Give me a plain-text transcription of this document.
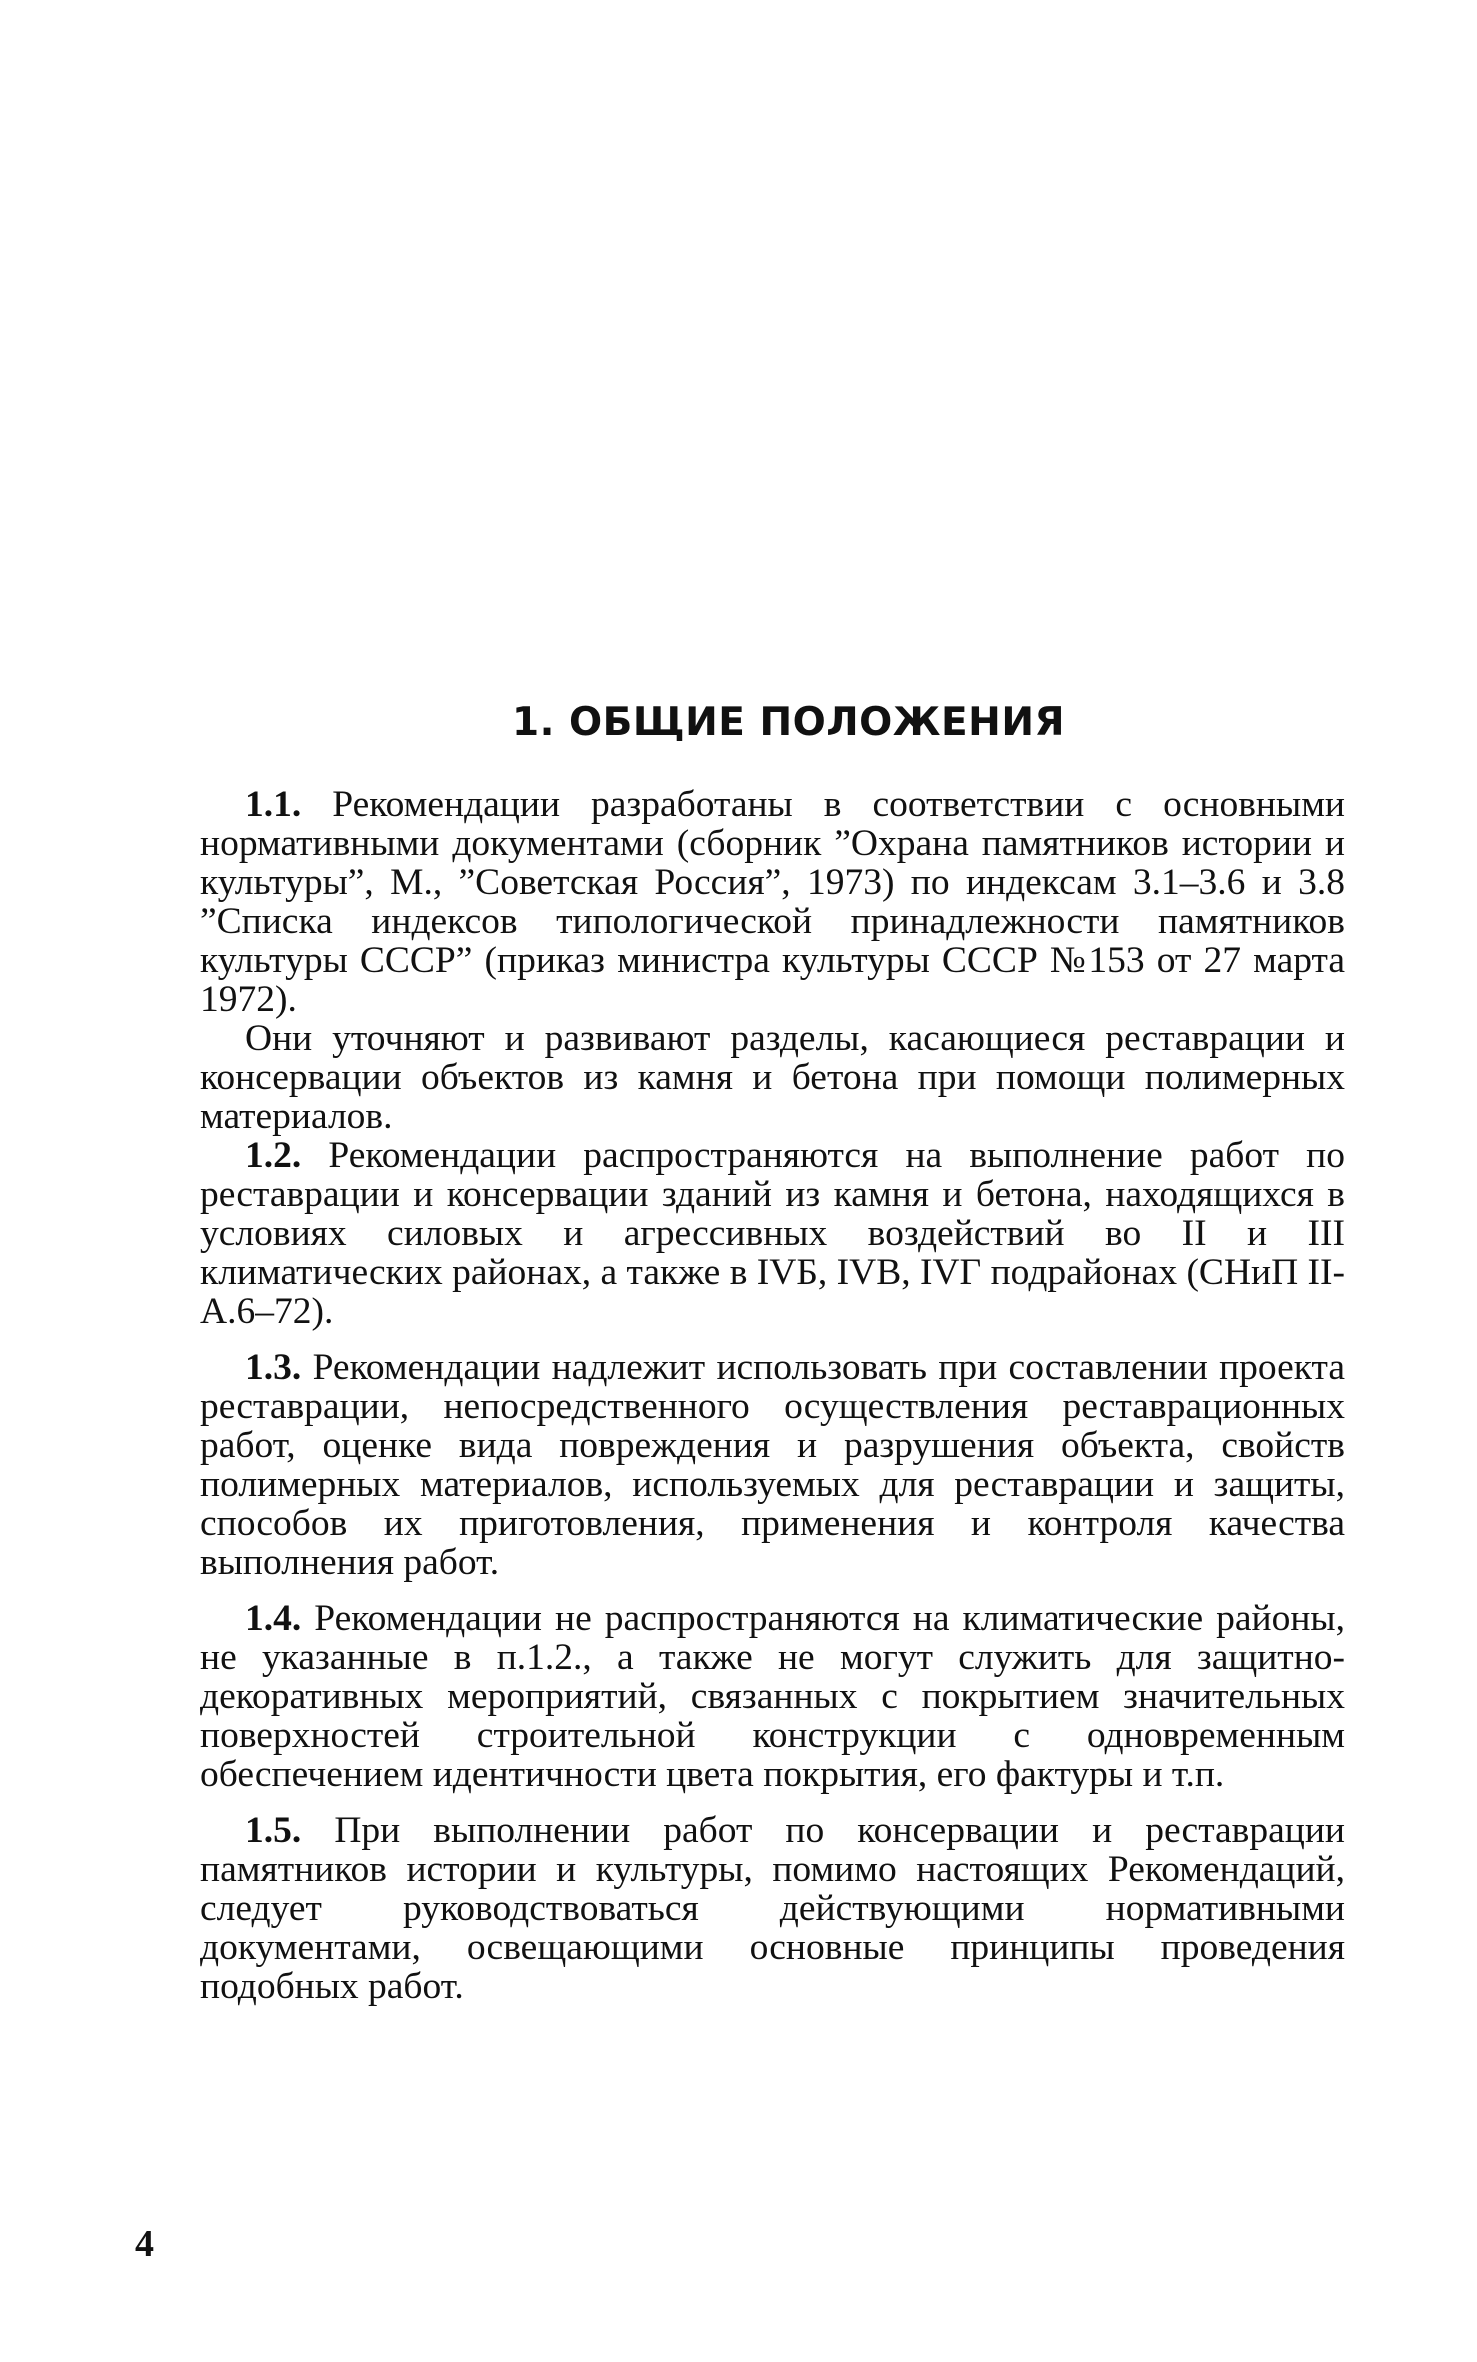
1. ОБЩИЕ ПОЛОЖЕНИЯ

1.1. Рекомендации разработаны в соответствии с основными нормативными документами (сборник ”Охрана памятников истории и культуры”, М., ”Советская Россия”, 1973) по индексам 3.1–3.6 и 3.8 ”Списка индексов типологической принадлежности памятников культуры СССР” (приказ министра культуры СССР №153 от 27 марта 1972).

Они уточняют и развивают разделы, касающиеся реставрации и консервации объектов из камня и бетона при помощи полимерных материалов.

1.2. Рекомендации распространяются на выполнение работ по реставрации и консервации зданий из камня и бетона, находящихся в условиях силовых и агрессивных воздействий во II и III климатических районах, а также в IVБ, IVВ, IVГ подрайонах (СНиП II-А.6–72).

1.3. Рекомендации надлежит использовать при составлении проекта реставрации, непосредственного осуществления реставрационных работ, оценке вида повреждения и разрушения объекта, свойств полимерных материалов, используемых для реставрации и защиты, способов их приготовления, применения и контроля качества выполнения работ.

1.4. Рекомендации не распространяются на климатические районы, не указанные в п.1.2., а также не могут служить для защитно-декоративных мероприятий, связанных с покрытием значительных поверхностей строительной конструкции с одновременным обеспечением идентичности цвета покрытия, его фактуры и т.п.

1.5. При выполнении работ по консервации и реставрации памятников истории и культуры, помимо настоящих Рекомендаций, следует руководствоваться действующими нормативными документами, освещающими основные принципы проведения подобных работ.

4
